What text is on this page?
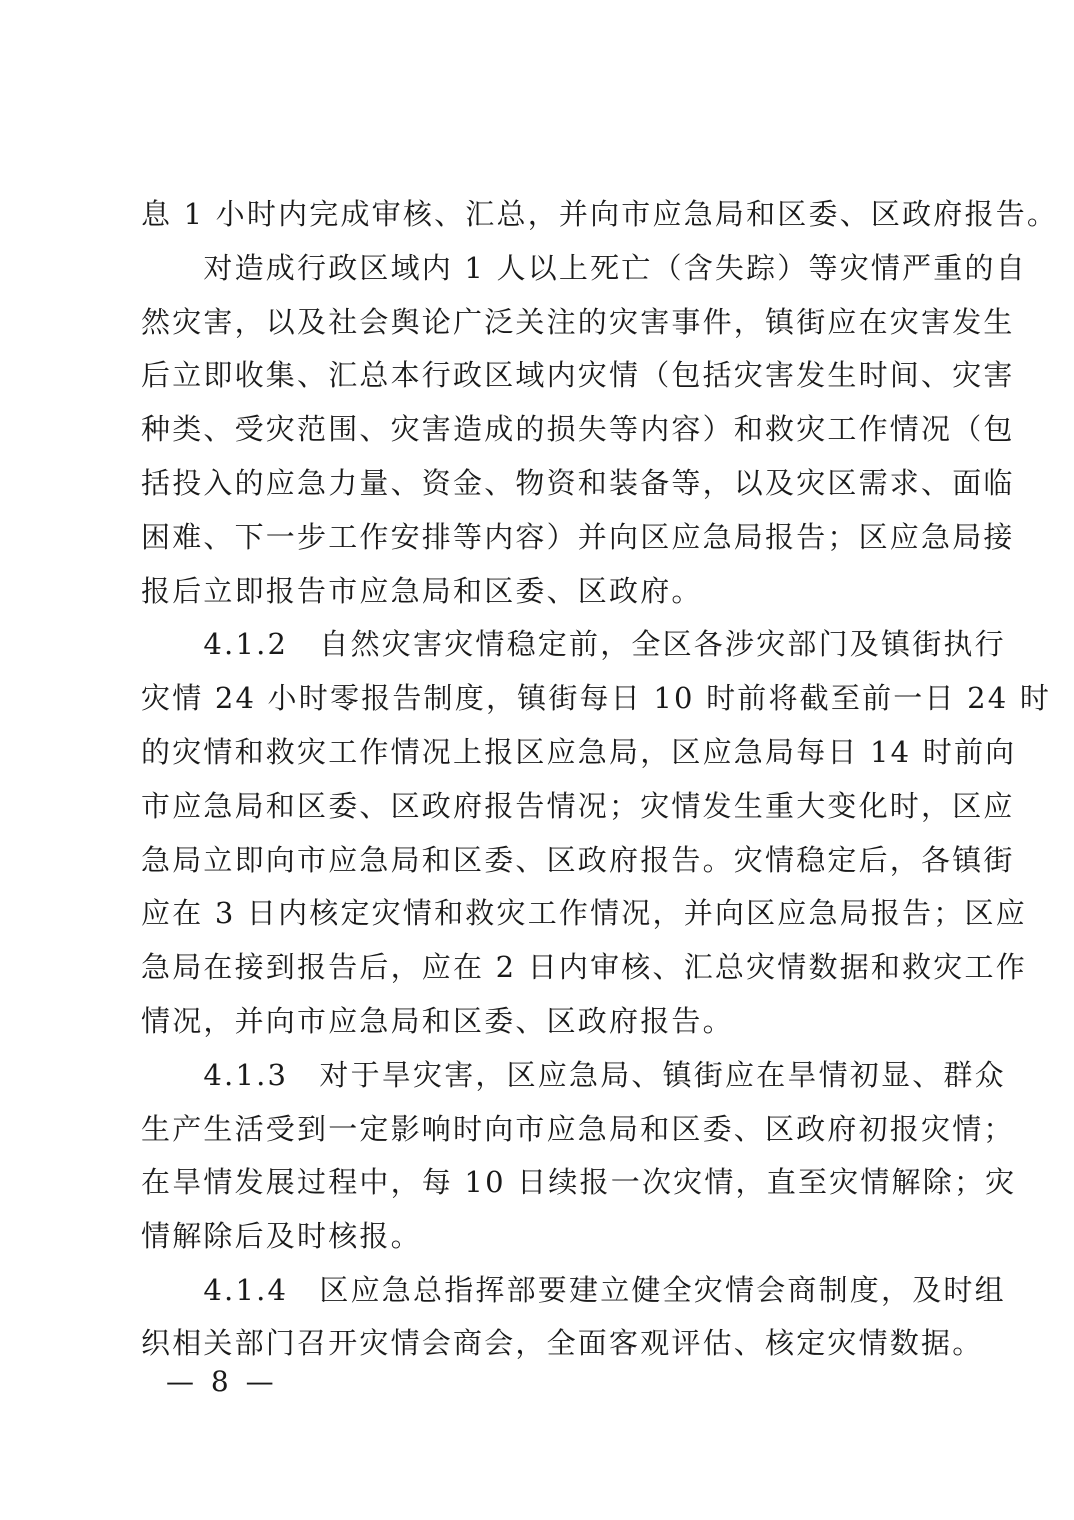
息 1 小时内完成审核、汇总，并向市应急局和区委、区政府报告。
　　对造成行政区域内 1 人以上死亡（含失踪）等灾情严重的自
然灾害，以及社会舆论广泛关注的灾害事件，镇街应在灾害发生
后立即收集、汇总本行政区域内灾情（包括灾害发生时间、灾害
种类、受灾范围、灾害造成的损失等内容）和救灾工作情况（包
括投入的应急力量、资金、物资和装备等，以及灾区需求、面临
困难、下一步工作安排等内容）并向区应急局报告；区应急局接
报后立即报告市应急局和区委、区政府。
　　4.1.2　自然灾害灾情稳定前，全区各涉灾部门及镇街执行
灾情 24 小时零报告制度，镇街每日 10 时前将截至前一日 24 时
的灾情和救灾工作情况上报区应急局，区应急局每日 14 时前向
市应急局和区委、区政府报告情况；灾情发生重大变化时，区应
急局立即向市应急局和区委、区政府报告。灾情稳定后，各镇街
应在 3 日内核定灾情和救灾工作情况，并向区应急局报告；区应
急局在接到报告后，应在 2 日内审核、汇总灾情数据和救灾工作
情况，并向市应急局和区委、区政府报告。
　　4.1.3　对于旱灾害，区应急局、镇街应在旱情初显、群众
生产生活受到一定影响时向市应急局和区委、区政府初报灾情；
在旱情发展过程中，每 10 日续报一次灾情，直至灾情解除；灾
情解除后及时核报。
　　4.1.4　区应急总指挥部要建立健全灾情会商制度，及时组
织相关部门召开灾情会商会，全面客观评估、核定灾情数据。
— 8 —
